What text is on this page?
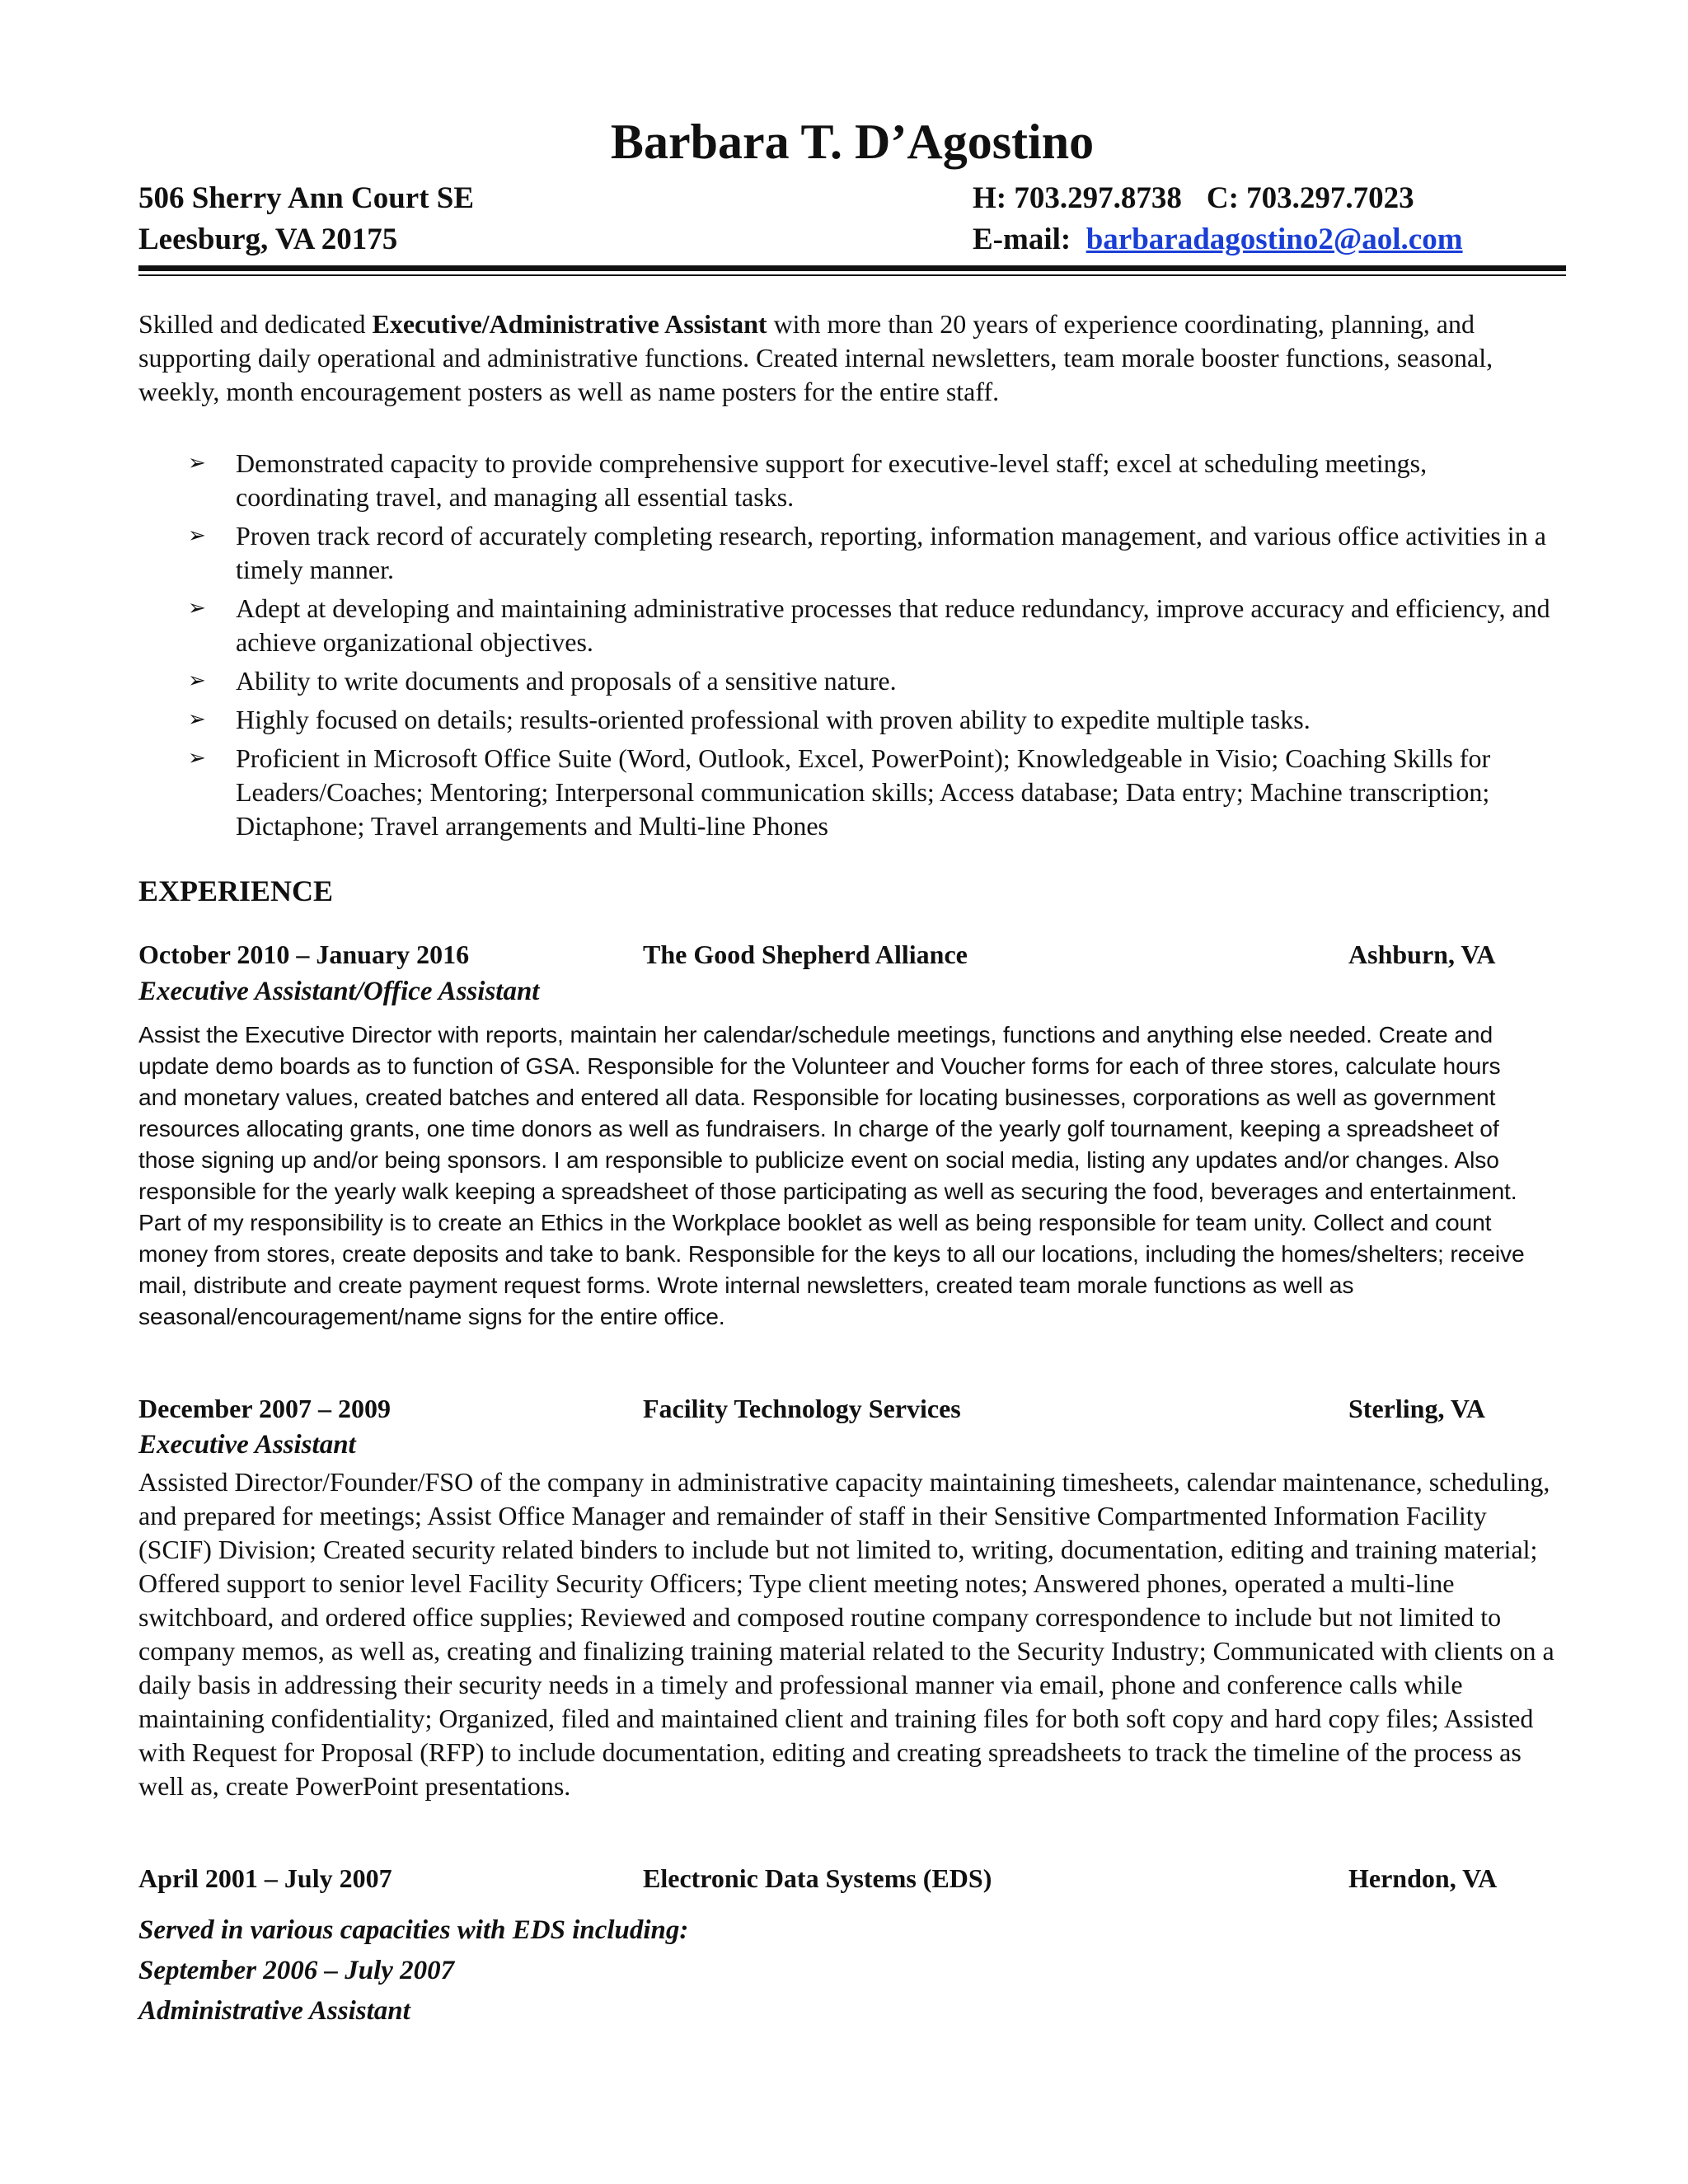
Barbara T. D’Agostino
506 Sherry Ann Court SE	H: 703.297.8738 C: 703.297.7023
Leesburg, VA 20175	E-mail: barbaradagostino2@aol.com
Skilled and dedicated Executive/Administrative Assistant with more than 20 years of experience coordinating, planning, and supporting daily operational and administrative functions. Created internal newsletters, team morale booster functions, seasonal, weekly, month encouragement posters as well as name posters for the entire staff.
➢ Demonstrated capacity to provide comprehensive support for executive-level staff; excel at scheduling meetings, coordinating travel, and managing all essential tasks.
➢ Proven track record of accurately completing research, reporting, information management, and various office activities in a timely manner.
➢ Adept at developing and maintaining administrative processes that reduce redundancy, improve accuracy and efficiency, and achieve organizational objectives.
➢ Ability to write documents and proposals of a sensitive nature.
➢ Highly focused on details; results-oriented professional with proven ability to expedite multiple tasks.
➢ Proficient in Microsoft Office Suite (Word, Outlook, Excel, PowerPoint); Knowledgeable in Visio; Coaching Skills for Leaders/Coaches; Mentoring; Interpersonal communication skills; Access database; Data entry; Machine transcription; Dictaphone; Travel arrangements and Multi-line Phones
EXPERIENCE
October 2010 – January 2016	The Good Shepherd Alliance	Ashburn, VA
Executive Assistant/Office Assistant
Assist the Executive Director with reports, maintain her calendar/schedule meetings, functions and anything else needed. Create and update demo boards as to function of GSA. Responsible for the Volunteer and Voucher forms for each of three stores, calculate hours and monetary values, created batches and entered all data. Responsible for locating businesses, corporations as well as government resources allocating grants, one time donors as well as fundraisers. In charge of the yearly golf tournament, keeping a spreadsheet of those signing up and/or being sponsors. I am responsible to publicize event on social media, listing any updates and/or changes. Also responsible for the yearly walk keeping a spreadsheet of those participating as well as securing the food, beverages and entertainment. Part of my responsibility is to create an Ethics in the Workplace booklet as well as being responsible for team unity. Collect and count money from stores, create deposits and take to bank. Responsible for the keys to all our locations, including the homes/shelters; receive mail, distribute and create payment request forms. Wrote internal newsletters, created team morale functions as well as seasonal/encouragement/name signs for the entire office.
December 2007 – 2009	Facility Technology Services	Sterling, VA
Executive Assistant
Assisted Director/Founder/FSO of the company in administrative capacity maintaining timesheets, calendar maintenance, scheduling, and prepared for meetings; Assist Office Manager and remainder of staff in their Sensitive Compartmented Information Facility (SCIF) Division; Created security related binders to include but not limited to, writing, documentation, editing and training material; Offered support to senior level Facility Security Officers; Type client meeting notes; Answered phones, operated a multi-line switchboard, and ordered office supplies; Reviewed and composed routine company correspondence to include but not limited to company memos, as well as, creating and finalizing training material related to the Security Industry; Communicated with clients on a daily basis in addressing their security needs in a timely and professional manner via email, phone and conference calls while maintaining confidentiality; Organized, filed and maintained client and training files for both soft copy and hard copy files; Assisted with Request for Proposal (RFP) to include documentation, editing and creating spreadsheets to track the timeline of the process as well as, create PowerPoint presentations.
April 2001 – July 2007	Electronic Data Systems (EDS)	Herndon, VA
Served in various capacities with EDS including:
September 2006 – July 2007
Administrative Assistant
